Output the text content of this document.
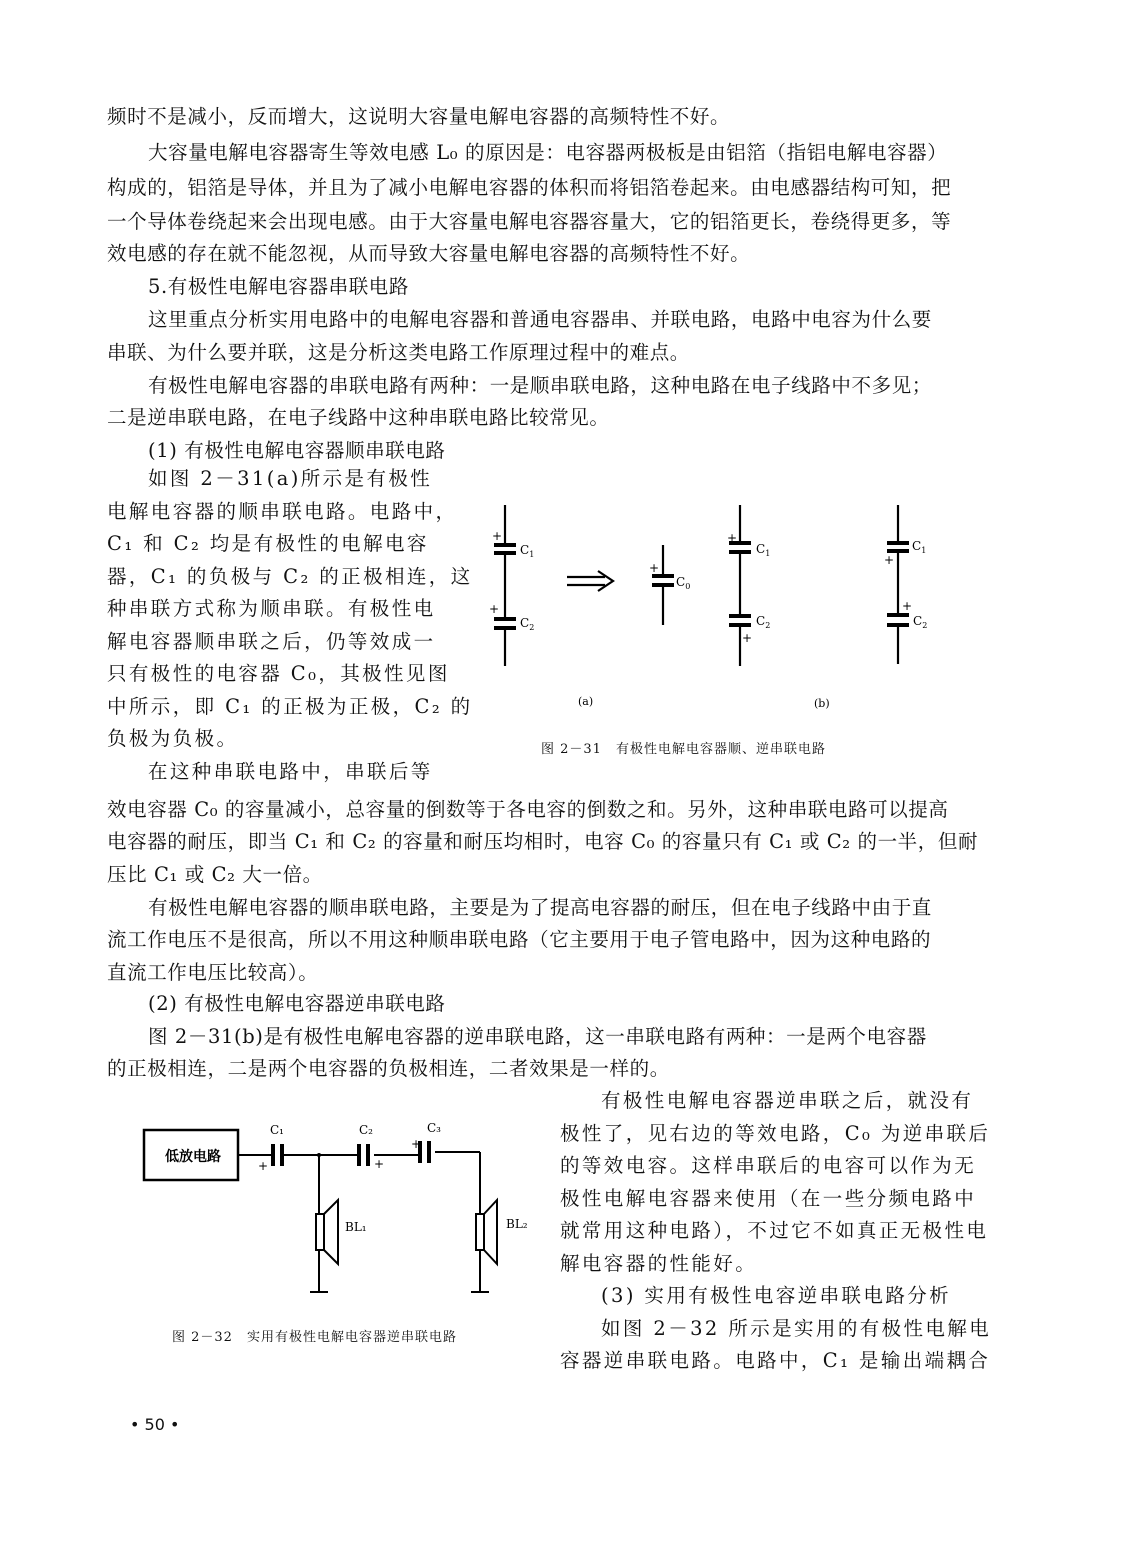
频时不是减小，反而增大，这说明大容量电解电容器的高频特性不好。
大容量电解电容器寄生等效电感 L₀ 的原因是：电容器两极板是由铝箔（指铝电解电容器）
构成的，铝箔是导体，并且为了减小电解电容器的体积而将铝箔卷起来。由电感器结构可知，把
一个导体卷绕起来会出现电感。由于大容量电解电容器容量大，它的铝箔更长，卷绕得更多，等
效电感的存在就不能忽视，从而导致大容量电解电容器的高频特性不好。
5.有极性电解电容器串联电路
这里重点分析实用电路中的电解电容器和普通电容器串、并联电路，电路中电容为什么要
串联、为什么要并联，这是分析这类电路工作原理过程中的难点。
有极性电解电容器的串联电路有两种：一是顺串联电路，这种电路在电子线路中不多见；
二是逆串联电路，在电子线路中这种串联电路比较常见。
(1) 有极性电解电容器顺串联电路
如图 2－31(a)所示是有极性
电解电容器的顺串联电路。电路中，
C₁ 和 C₂ 均是有极性的电解电容
器，C₁ 的负极与 C₂ 的正极相连，这
种串联方式称为顺串联。有极性电
解电容器顺串联之后，仍等效成一
只有极性的电容器 C₀，其极性见图
中所示，即 C₁ 的正极为正极，C₂ 的
负极为负极。
在这种串联电路中，串联后等
+
+
+
+
+
+
+
$C_1$
$C_2$
$C_0$
$C_1$
$C_2$
$C_1$
$C_2$
(a)	(b)
图 2－31　有极性电解电容器顺、逆串联电路
效电容器 C₀ 的容量减小，总容量的倒数等于各电容的倒数之和。另外，这种串联电路可以提高
电容器的耐压，即当 C₁ 和 C₂ 的容量和耐压均相时，电容 C₀ 的容量只有 C₁ 或 C₂ 的一半，但耐
压比 C₁ 或 C₂ 大一倍。
有极性电解电容器的顺串联电路，主要是为了提高电容器的耐压，但在电子线路中由于直
流工作电压不是很高，所以不用这种顺串联电路（它主要用于电子管电路中，因为这种电路的
直流工作电压比较高）。
(2) 有极性电解电容器逆串联电路
图 2－31(b)是有极性电解电容器的逆串联电路，这一串联电路有两种：一是两个电容器
的正极相连，二是两个电容器的负极相连，二者效果是一样的。
有极性电解电容器逆串联之后，就没有
极性了，见右边的等效电路，C₀ 为逆串联后
的等效电容。这样串联后的电容可以作为无
极性电解电容器来使用（在一些分频电路中
就常用这种电路），不过它不如真正无极性电
解电容器的性能好。
(3) 实用有极性电容逆串联电路分析
如图 2－32 所示是实用的有极性电解电
容器逆串联电路。电路中，C₁ 是输出端耦合
低放电路
C₁	C₂	C₃
+	+
+
BL₁	BL₂
图 2－32　实用有极性电解电容器逆串联电路
• 50 •
